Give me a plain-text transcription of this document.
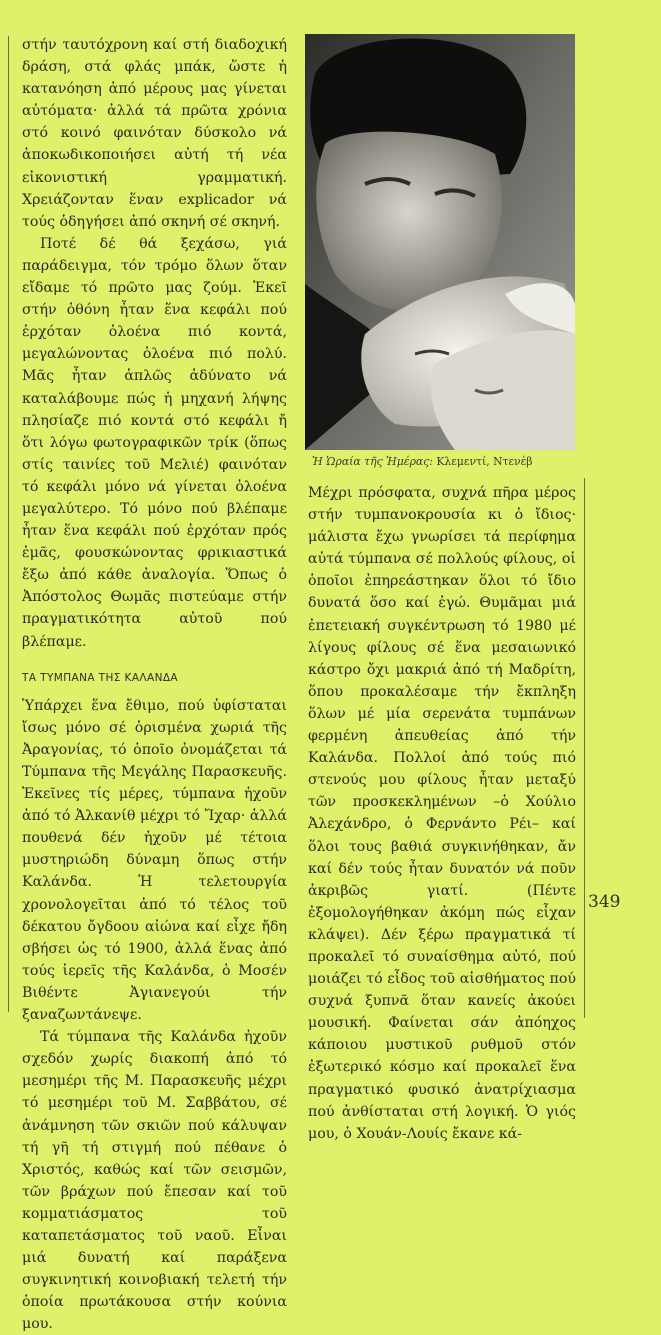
στήν ταυτόχρονη καί στή διαδοχική δράση, στά φλάς μπάκ, ὥστε ἡ κατανόηση ἀπό μέρους μας γίνεται αὐτόματα· ἀλλά τά πρῶτα χρόνια στό κοινό φαινόταν δύσκολο νά ἀποκωδικοποιήσει αὐτή τή νέα εἰκονιστική γραμματική. Χρειάζονταν ἕναν explicador νά τούς ὁδηγήσει ἀπό σκηνή σέ σκηνή.

Ποτέ δέ θά ξεχάσω, γιά παράδειγμα, τόν τρόμο ὅλων ὅταν εἴδαμε τό πρῶτο μας ζούμ. Ἐκεῖ στήν ὀθόνη ἦταν ἕνα κεφάλι πού ἐρχόταν ὁλοένα πιό κοντά, μεγαλώνοντας ὁλοένα πιό πολύ. Μᾶς ἦταν ἁπλῶς ἀδύνατο νά καταλάβουμε πώς ἡ μηχανή λήψης πλησίαζε πιό κοντά στό κεφάλι ἤ ὅτι λόγω φωτογραφικῶν τρίκ (ὅπως στίς ταινίες τοῦ Μελιέ) φαινόταν τό κεφάλι μόνο νά γίνεται ὁλοένα μεγαλύτερο. Τό μόνο πού βλέπαμε ἦταν ἕνα κεφάλι πού ἐρχόταν πρός ἐμᾶς, φουσκώνοντας φρικιαστικά ἔξω ἀπό κάθε ἀναλογία. Ὅπως ὁ Ἀπόστολος Θωμᾶς πιστεύαμε στήν πραγματικότητα αὐτοῦ πού βλέπαμε.

ΤΑ ΤΥΜΠΑΝΑ ΤΗΣ ΚΑΛΑΝΔΑ

Ὑπάρχει ἕνα ἔθιμο, πού ὑφίσταται ἴσως μόνο σέ ὁρισμένα χωριά τῆς Ἀραγονίας, τό ὁποῖο ὀνομάζεται τά Τύμπανα τῆς Μεγάλης Παρασκευῆς. Ἐκεῖνες τίς μέρες, τύμπανα ἠχοῦν ἀπό τό Ἀλκανίθ μέχρι τό Ἴχαρ· ἀλλά πουθενά δέν ἠχοῦν μέ τέτοια μυστηριώδη δύναμη ὅπως στήν Καλάνδα. Ἡ τελετουργία χρονολογεῖται ἀπό τό τέλος τοῦ δέκατου ὄγδοου αἰώνα καί εἶχε ἤδη σβήσει ὡς τό 1900, ἀλλά ἕνας ἀπό τούς ἱερεῖς τῆς Καλάνδα, ὁ Μοσέν Βιθέντε Ἀγιανεγούι τήν ξαναζωντάνεψε.

Τά τύμπανα τῆς Καλάνδα ἠχοῦν σχεδόν χωρίς διακοπή ἀπό τό μεσημέρι τῆς Μ. Παρασκευῆς μέχρι τό μεσημέρι τοῦ Μ. Σαββάτου, σέ ἀνάμνηση τῶν σκιῶν πού κάλυψαν τή γῆ τή στιγμή πού πέθανε ὁ Χριστός, καθώς καί τῶν σεισμῶν, τῶν βράχων πού ἔπεσαν καί τοῦ κομματιάσματος τοῦ καταπετάσματος τοῦ ναοῦ. Εἶναι μιά δυνατή καί παράξενα συγκινητική κοινοβιακή τελετή τήν ὁποία πρωτάκουσα στήν κούνια μου.

Ἡ Ὡραία τῆς Ἡμέρας: Κλεμεντί, Ντενέβ

Μέχρι πρόσφατα, συχνά πῆρα μέρος στήν τυμπανοκρουσία κι ὁ ἴδιος· μάλιστα ἔχω γνωρίσει τά περίφημα αὐτά τύμπανα σέ πολλούς φίλους, οἱ ὁποῖοι ἐπηρεάστηκαν ὅλοι τό ἴδιο δυνατά ὅσο καί ἐγώ. Θυμᾶμαι μιά ἐπετειακή συγκέντρωση τό 1980 μέ λίγους φίλους σέ ἕνα μεσαιωνικό κάστρο ὄχι μακριά ἀπό τή Μαδρίτη, ὅπου προκαλέσαμε τήν ἔκπληξη ὅλων μέ μία σερενάτα τυμπάνων φερμένη ἀπευθείας ἀπό τήν Καλάνδα. Πολλοί ἀπό τούς πιό στενούς μου φίλους ἦταν μεταξύ τῶν προσκεκλημένων –ὁ Χούλιο Ἀλεχάνδρο, ὁ Φερνάντο Ρέι– καί ὅλοι τους βαθιά συγκινήθηκαν, ἄν καί δέν τούς ἦταν δυνατόν νά ποῦν ἀκριβῶς γιατί. (Πέντε ἐξομολογήθηκαν ἀκόμη πώς εἶχαν κλάψει). Δέν ξέρω πραγματικά τί προκαλεῖ τό συναίσθημα αὐτό, πού μοιάζει τό εἶδος τοῦ αἰσθήματος πού συχνά ξυπνᾶ ὅταν κανείς ἀκούει μουσική. Φαίνεται σάν ἀπόηχος κάποιου μυστικοῦ ρυθμοῦ στόν ἐξωτερικό κόσμο καί προκαλεῖ ἕνα πραγματικό φυσικό ἀνατρίχιασμα πού ἀνθίσταται στή λογική. Ὁ γιός μου, ὁ Χουάν-Λουίς ἔκανε κά-

349
